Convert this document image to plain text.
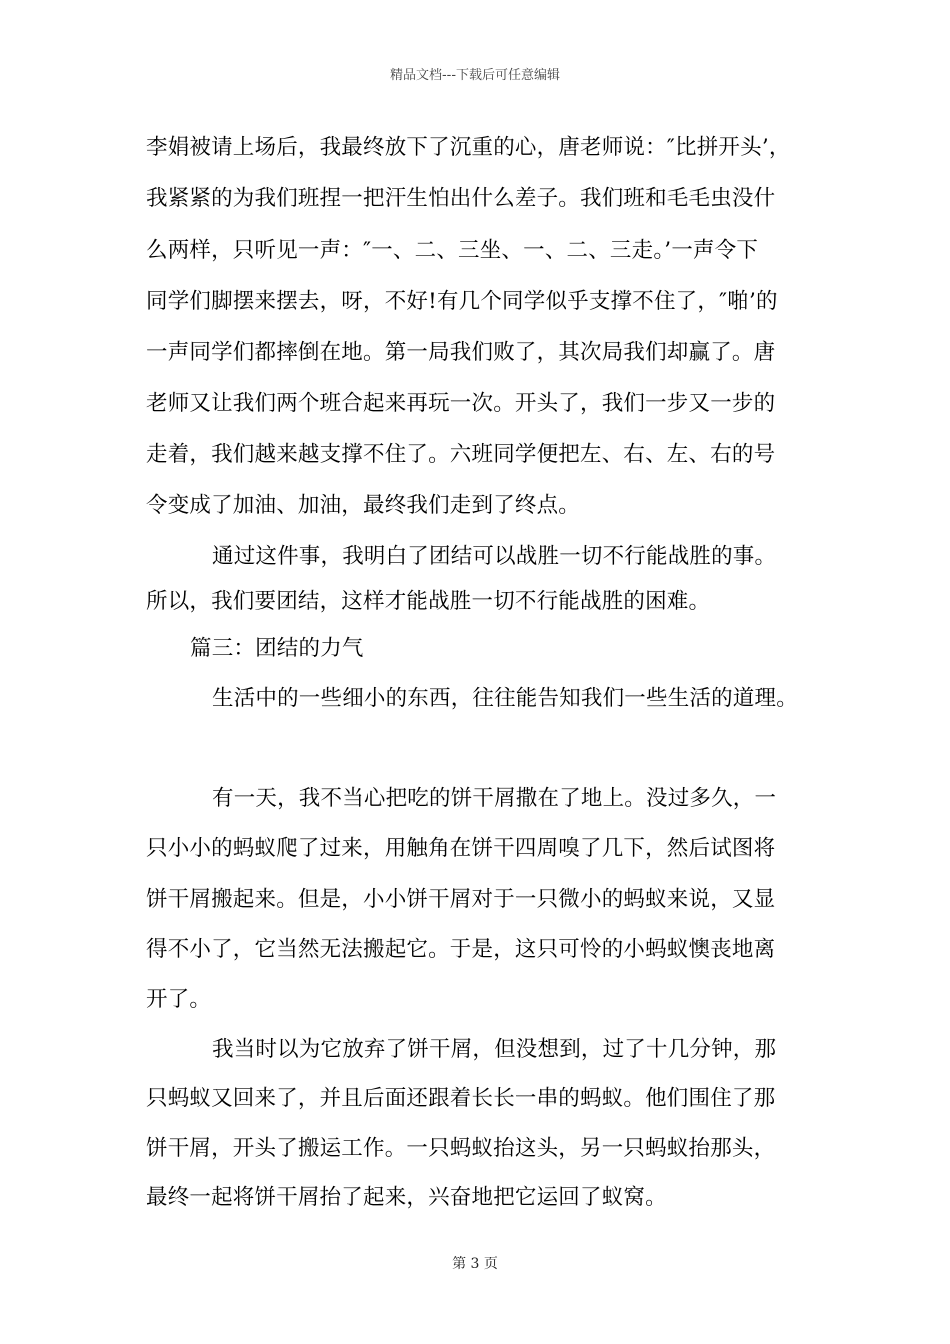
精品文档---下载后可任意编辑
李娟被请上场后，我最终放下了沉重的心，唐老师说：″比拼开头’，
我紧紧的为我们班捏一把汗生怕出什么差子。我们班和毛毛虫没什
么两样，只听见一声：″一、二、三坐、一、二、三走。’一声令下
同学们脚摆来摆去，呀，不好!有几个同学似乎支撑不住了，″啪’的
一声同学们都摔倒在地。第一局我们败了，其次局我们却赢了。唐
老师又让我们两个班合起来再玩一次。开头了，我们一步又一步的
走着，我们越来越支撑不住了。六班同学便把左、右、左、右的号
令变成了加油、加油，最终我们走到了终点。
通过这件事，我明白了团结可以战胜一切不行能战胜的事。
所以，我们要团结，这样才能战胜一切不行能战胜的困难。
篇三：团结的力气
生活中的一些细小的东西，往往能告知我们一些生活的道理。
有一天，我不当心把吃的饼干屑撒在了地上。没过多久，一
只小小的蚂蚁爬了过来，用触角在饼干四周嗅了几下，然后试图将
饼干屑搬起来。但是，小小饼干屑对于一只微小的蚂蚁来说，又显
得不小了，它当然无法搬起它。于是，这只可怜的小蚂蚁懊丧地离
开了。
我当时以为它放弃了饼干屑，但没想到，过了十几分钟，那
只蚂蚁又回来了，并且后面还跟着长长一串的蚂蚁。他们围住了那
饼干屑，开头了搬运工作。一只蚂蚁抬这头，另一只蚂蚁抬那头，
最终一起将饼干屑抬了起来，兴奋地把它运回了蚁窝。
第 3 页
